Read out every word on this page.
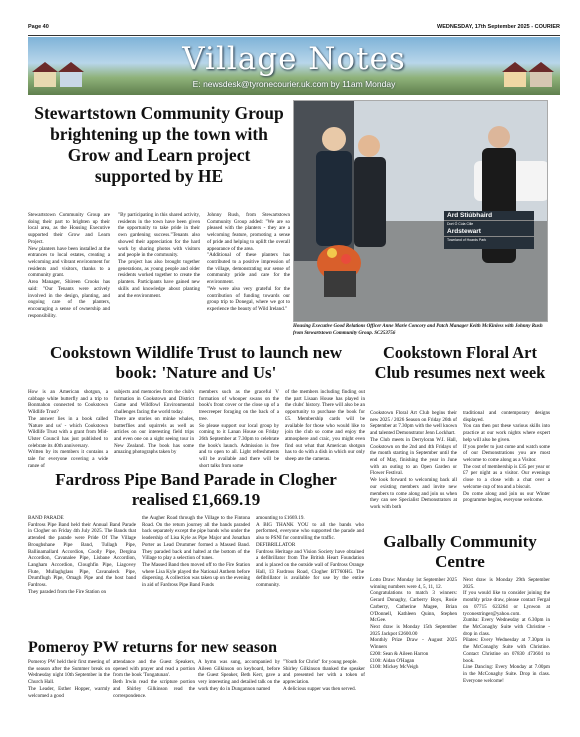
Page 40	WEDNESDAY, 17th September 2025 - COURIER
Village Notes
E: newsdesk@tyronecourier.uk.com by 11am Monday
Stewartstown Community Group brightening up the town with Grow and Learn project supported by HE

Stewartstown Community Group are doing their part to brighten up their local area, as the Housing Executive supported their Grow and Learn Project.
New planters have been installed at the entrances to local estates, creating a welcoming and vibrant environment for residents and visitors, thanks to a community grant.
Area Manager, Shireen Crooks has said: "Our Tenants were actively involved in the design, planting, and ongoing care of the planters, encouraging a sense of ownership and responsibility.

"By participating in this shared activity, residents in the town have been given the opportunity to take pride in their own gardening success."Tenants also showed their appreciation for the hard work by sharing photos with visitors and people in the community.
The project has also brought together generations, as young people and older residents worked together to create the planters. Participants have gained new skills and knowledge about planting and the environment.

Johnny Rush, from Stewartstown Community Group added: "We are so pleased with the planters - they are a welcoming feature, promoting a sense of pride and helping to uplift the overall appearance of the area.
"Additional of these planters has contributed to a positive impression of the village, demonstrating our sense of community pride and care for the environment.
"We were also very grateful for the contribution of funding towards our group trip to Donegal, where we got to experience the beauty of Wild Ireland."

Ard Stiúbhaird
Dort Ó Cúla Cille
Ardstewart
Townland of Hoards Park
Housing Executive Good Relations Officer Anne Marie Concory and Patch Manager Keith McKinless with Johnny Rush from Stewartstown Community Group. SC253756
Cookstown Wildlife Trust to launch new book: 'Nature and Us'

How is an American shotgun, a cabbage white butterfly and a trip to Bonmahon connected to Cookstown Wildlife Trust?
The answer lies in a book called 'Nature and us' - which Cookstown Wildlife Trust with a grant from Mid-Ulster Council has just published to celebrate its 40th anniversary.
Written by its members it contains a tale for everyone covering a wide range of

subjects and memories from the club's formation in Cookstown and District Game and Wildfowl Environmental challenges facing the world today.
There are stories on minke whales, butterflies and squirrels as well as articles on our interesting field trips and even one on a sight seeing tour in New Zealand. The book has some amazing photographs taken by

members such as the graceful V formation of whooper swans on the book's front cover or the close up of a treecreeper foraging on the back of a tree.
So please support our local group by coming to it Lanan House on Friday 26th September at 7.30pm to celebrate the book's launch. Admission is free and to open to all. Light refreshments will be available and there will be short talks from some

of the members including finding out the part Lisaan House has played in the clubs' history. There will also be an opportunity to purchase the book for £5. Membership cards will be available for those who would like to join the club so come and enjoy the atmosphere and craic, you might even find out what that American shotgun has to do with a dish in which our only sheep ate the cameras.

Cookstown Floral Art Club resumes next week

Cookstown Floral Art Club begins their new 2025 / 2026 Season on Friday 26th of September at 7.30pm with the well known and talented Demonstrator Jenn Lockhart.
The Club meets in Derryloran W.I. Hall, Cookstown on the 2nd and 4th Fridays of the month starting in September until the end of May, finishing the year in June with an outing to an Open Garden or Flower Festival.
We look forward to welcoming back all our existing members and invite new members to come along and join us when they can see Specialist Demonstrators at work with both

traditional and contemporary designs displayed.
You can then put these various skills into practice at our work nights where expert help will also be given.
If you prefer to just come and watch some of our Demonstrations you are most welcome to come along as a Visitor.
The cost of membership is £35 per year or £7 per night as a visitor. Our evenings close to a close with a chat over a welcome cup of tea and a biscuit.
Do come along and join us our Winter programme begins, everyone welcome.

Fardross Pipe Band Parade in Clogher realised £1,669.19

BAND PARADE
Fardross Pipe Band held their Annual Band Parade in Clogher on Friday 4th July 2025. The Bands that attended the parade were Pride Of The Village Broughshane Pipe Band, Tullagh Pipe, Ballinamallard Accordion, Coolly Pipe, Dergina Accordion, Cavanalee Pipe, Lisbane Accordion, Langham Accordion, Cloughfin Pipe, Liagovey Flute, Mullaghglass Pipe, Cavanaleck Pipe, Drumflugh Pipe, Omagh Pipe and the host band Fardross.
They paraded from the Fire Station on

the Augher Road through the Village to the Fintona Road. On the return journey all the bands paraded back separately except the pipe bands who under the leadership of Lisa Kyle as Pipe Major and Jonathan Porter as Lead Drummer formed a Massed Band. They paraded back and halted at the bottom of the Village to play a selection of tunes.
The Massed Band then moved off to the Fire Station where Lisa Kyle played the National Anthem before dispersing. A collection was taken up on the evening in aid of Fardross Pipe Band Funds

amounting to £1669.19.
A BIG THANK YOU to all the bands who performed, everyone who supported the parade and also to PSNI for controlling the traffic.
DEFIBRILLATOR
Fardross Heritage and Vision Society have obtained a defibrillator from The British Heart Foundation and is placed on the outside wall of Fardross Orange Hall, 13 Fardross Road, Clogher BT760HG. The defibrillator is available for use by the entire community.

Galbally Community Centre

Lotto Draw: Monday 1st September 2025 winning numbers were 4, 5, 11, 12.
Congratulations to match 3 winners: Gerard Donaghy, Carberry Boys, Rosie Carberry, Catherine Magee, Brian O'Donnell, Kathleen Quinn, Stephen McGee.
Next draw is Monday 15th September 2025 Jackpot £2600.00
Monthly Prize Draw - August 2025 Winners
£200: Sean & Aileen Harron
£100: Aidan O'Hagan
£100: Mickey McVeigh

Next draw is Monday 29th September 2025.
If you would like to consider joining the monthly prize draw, please contact Fergal on 07715 623264 or Lynwon at tyconestringer@yahoo.com.
Zumba: Every Wednesday at 6.30pm in the McConaghy Suite with Christine - drop in class.
Pilates: Every Wednesday at 7.30pm in the McConaghy Suite with Christine. Contact Christine on 07830 473604 to book.
Line Dancing: Every Monday at 7.00pm in the McConaghy Suite. Drop in class. Everyone welcome!

Pomeroy PW returns for new season

Pomeroy PW held their first meeting of the season after the Summer break on Wednesday night 10th September in the Church Hall.
The Leader, Esther Hopper, warmly welcomed a good

attendance and the Guest Speakers, opened with prayer and read a portion from the book 'Tongatunan'.
Beth Irwin read the scripture portion and Shirley Gilkinson read the correspondence.

A hymn was sung, accompanied by Aileen Gilkinson on keyboard, before the Guest Speaker, Beth Kerr, gave a very interesting and detailed talk on the work they do in Dungannon named

"Youth for Christ" for young people.
Shirley Gilkinson thanked the speaker and presented her with a token of appreciation.
A delicious supper was then served.
